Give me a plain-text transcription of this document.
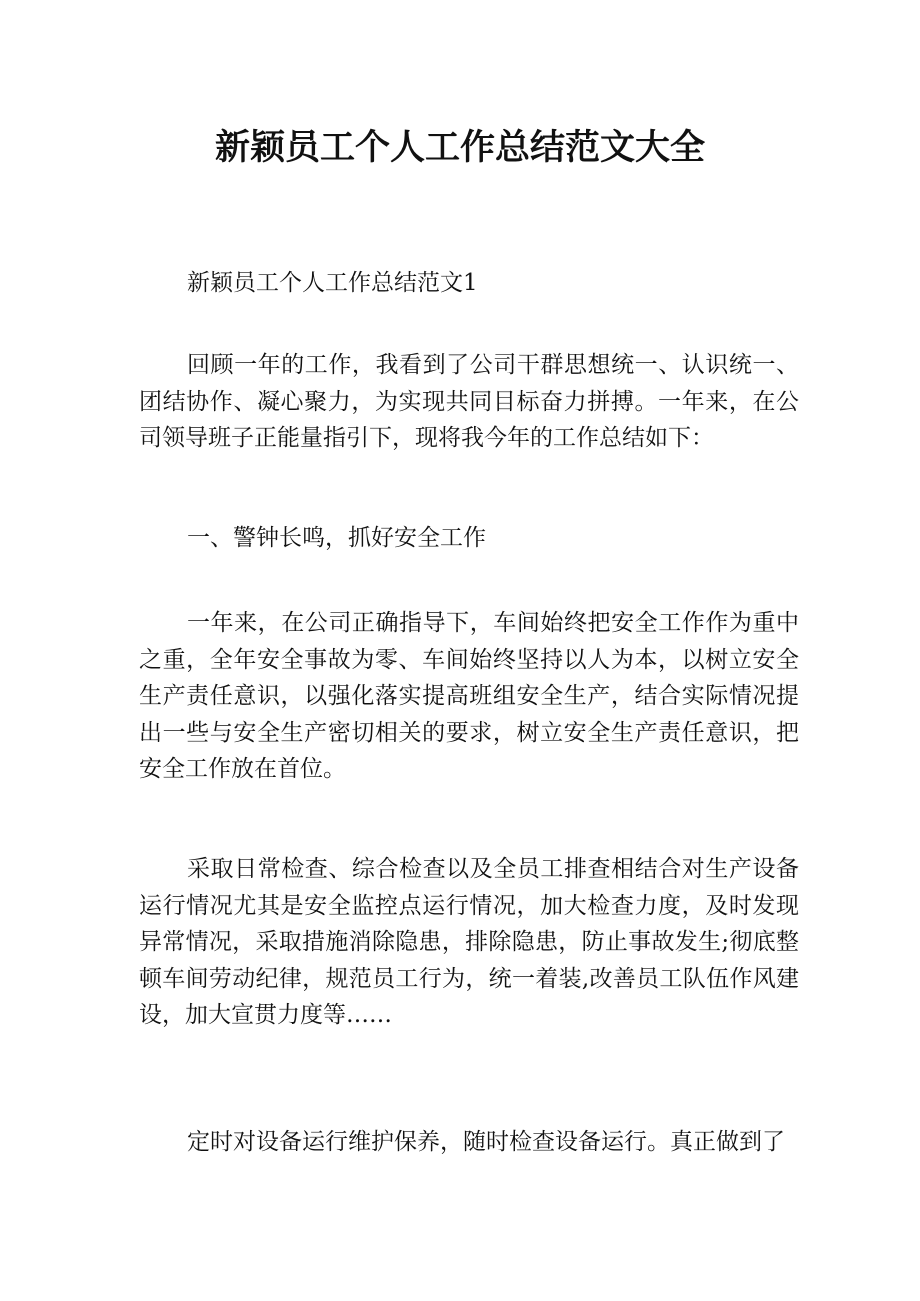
新颖员工个人工作总结范文大全

新颖员工个人工作总结范文1

回顾一年的工作，我看到了公司干群思想统一、认识统一、团结协作、凝心聚力，为实现共同目标奋力拼搏。一年来，在公司领导班子正能量指引下，现将我今年的工作总结如下：

一、警钟长鸣，抓好安全工作

一年来，在公司正确指导下，车间始终把安全工作作为重中之重，全年安全事故为零、车间始终坚持以人为本，以树立安全生产责任意识，以强化落实提高班组安全生产，结合实际情况提出一些与安全生产密切相关的要求，树立安全生产责任意识，把安全工作放在首位。

采取日常检查、综合检查以及全员工排查相结合对生产设备运行情况尤其是安全监控点运行情况，加大检查力度，及时发现异常情况，采取措施消除隐患，排除隐患，防止事故发生;彻底整顿车间劳动纪律，规范员工行为，统一着装,改善员工队伍作风建设，加大宣贯力度等……

定时对设备运行维护保养，随时检查设备运行。真正做到了
